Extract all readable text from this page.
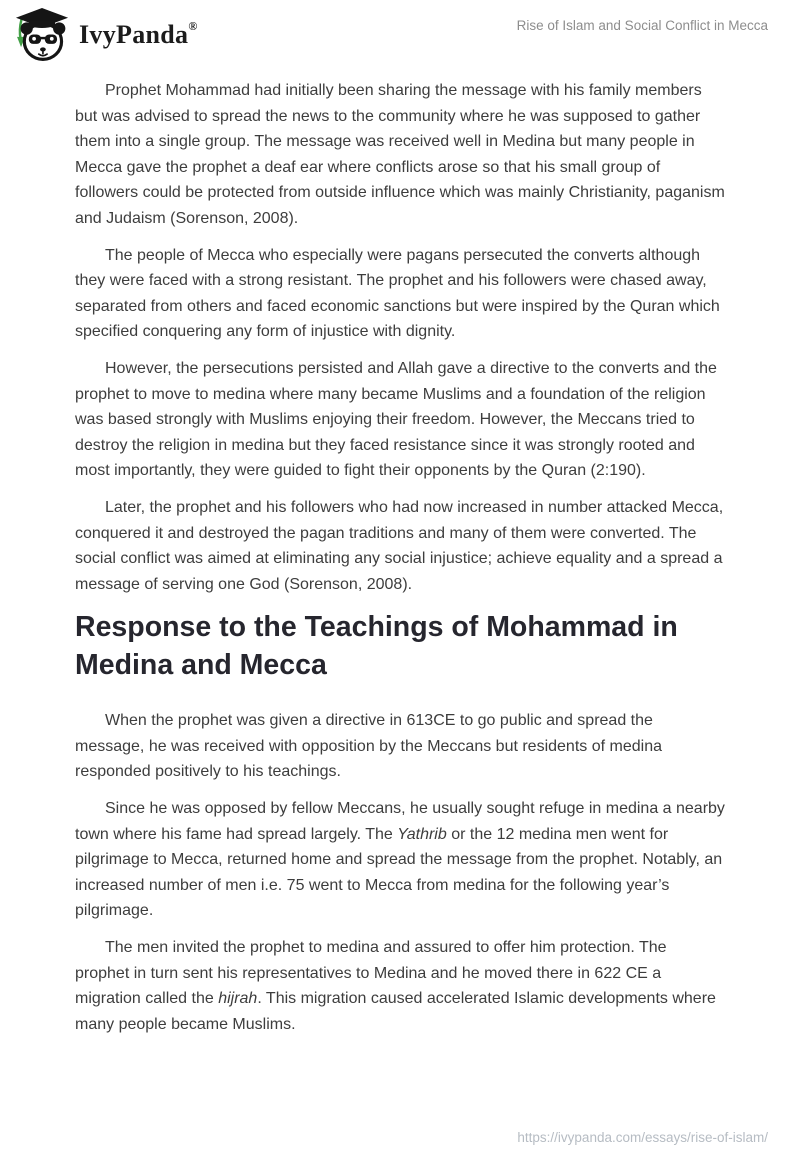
IvyPanda ®	Rise of Islam and Social Conflict in Mecca

Prophet Mohammad had initially been sharing the message with his family members but was advised to spread the news to the community where he was supposed to gather them into a single group. The message was received well in Medina but many people in Mecca gave the prophet a deaf ear where conflicts arose so that his small group of followers could be protected from outside influence which was mainly Christianity, paganism and Judaism (Sorenson, 2008).

The people of Mecca who especially were pagans persecuted the converts although they were faced with a strong resistant. The prophet and his followers were chased away, separated from others and faced economic sanctions but were inspired by the Quran which specified conquering any form of injustice with dignity.

However, the persecutions persisted and Allah gave a directive to the converts and the prophet to move to medina where many became Muslims and a foundation of the religion was based strongly with Muslims enjoying their freedom. However, the Meccans tried to destroy the religion in medina but they faced resistance since it was strongly rooted and most importantly, they were guided to fight their opponents by the Quran (2:190).

Later, the prophet and his followers who had now increased in number attacked Mecca, conquered it and destroyed the pagan traditions and many of them were converted. The social conflict was aimed at eliminating any social injustice; achieve equality and a spread a message of serving one God (Sorenson, 2008).

Response to the Teachings of Mohammad in Medina and Mecca

When the prophet was given a directive in 613CE to go public and spread the message, he was received with opposition by the Meccans but residents of medina responded positively to his teachings.

Since he was opposed by fellow Meccans, he usually sought refuge in medina a nearby town where his fame had spread largely. The Yathrib or the 12 medina men went for pilgrimage to Mecca, returned home and spread the message from the prophet. Notably, an increased number of men i.e. 75 went to Mecca from medina for the following year’s pilgrimage.

The men invited the prophet to medina and assured to offer him protection. The prophet in turn sent his representatives to Medina and he moved there in 622 CE a migration called the hijrah. This migration caused accelerated Islamic developments where many people became Muslims.

https://ivypanda.com/essays/rise-of-islam/
